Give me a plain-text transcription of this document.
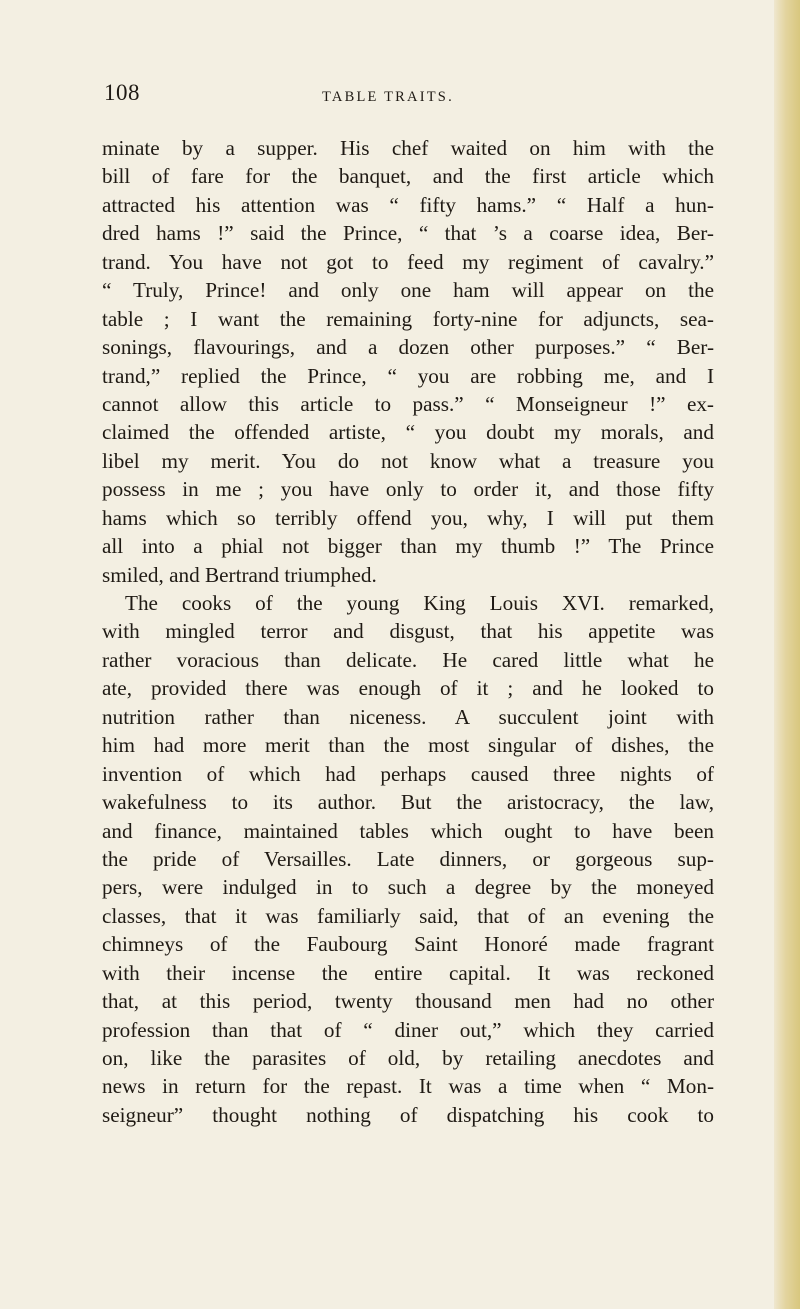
108	TABLE TRAITS.
minate by a supper. His chef waited on him with the
bill of fare for the banquet, and the first article which
attracted his attention was “ fifty hams.” “ Half a hun-
dred hams !” said the Prince, “ that ’s a coarse idea, Ber-
trand. You have not got to feed my regiment of cavalry.”
“ Truly, Prince! and only one ham will appear on the
table ; I want the remaining forty-nine for adjuncts, sea-
sonings, flavourings, and a dozen other purposes.” “ Ber-
trand,” replied the Prince, “ you are robbing me, and I
cannot allow this article to pass.” “ Monseigneur !” ex-
claimed the offended artiste, “ you doubt my morals, and
libel my merit. You do not know what a treasure you
possess in me ; you have only to order it, and those fifty
hams which so terribly offend you, why, I will put them
all into a phial not bigger than my thumb !” The Prince
smiled, and Bertrand triumphed.
The cooks of the young King Louis XVI. remarked,
with mingled terror and disgust, that his appetite was
rather voracious than delicate. He cared little what he
ate, provided there was enough of it ; and he looked to
nutrition rather than niceness. A succulent joint with
him had more merit than the most singular of dishes, the
invention of which had perhaps caused three nights of
wakefulness to its author. But the aristocracy, the law,
and finance, maintained tables which ought to have been
the pride of Versailles. Late dinners, or gorgeous sup-
pers, were indulged in to such a degree by the moneyed
classes, that it was familiarly said, that of an evening the
chimneys of the Faubourg Saint Honoré made fragrant
with their incense the entire capital. It was reckoned
that, at this period, twenty thousand men had no other
profession than that of “ diner out,” which they carried
on, like the parasites of old, by retailing anecdotes and
news in return for the repast. It was a time when “ Mon-
seigneur” thought nothing of dispatching his cook to
